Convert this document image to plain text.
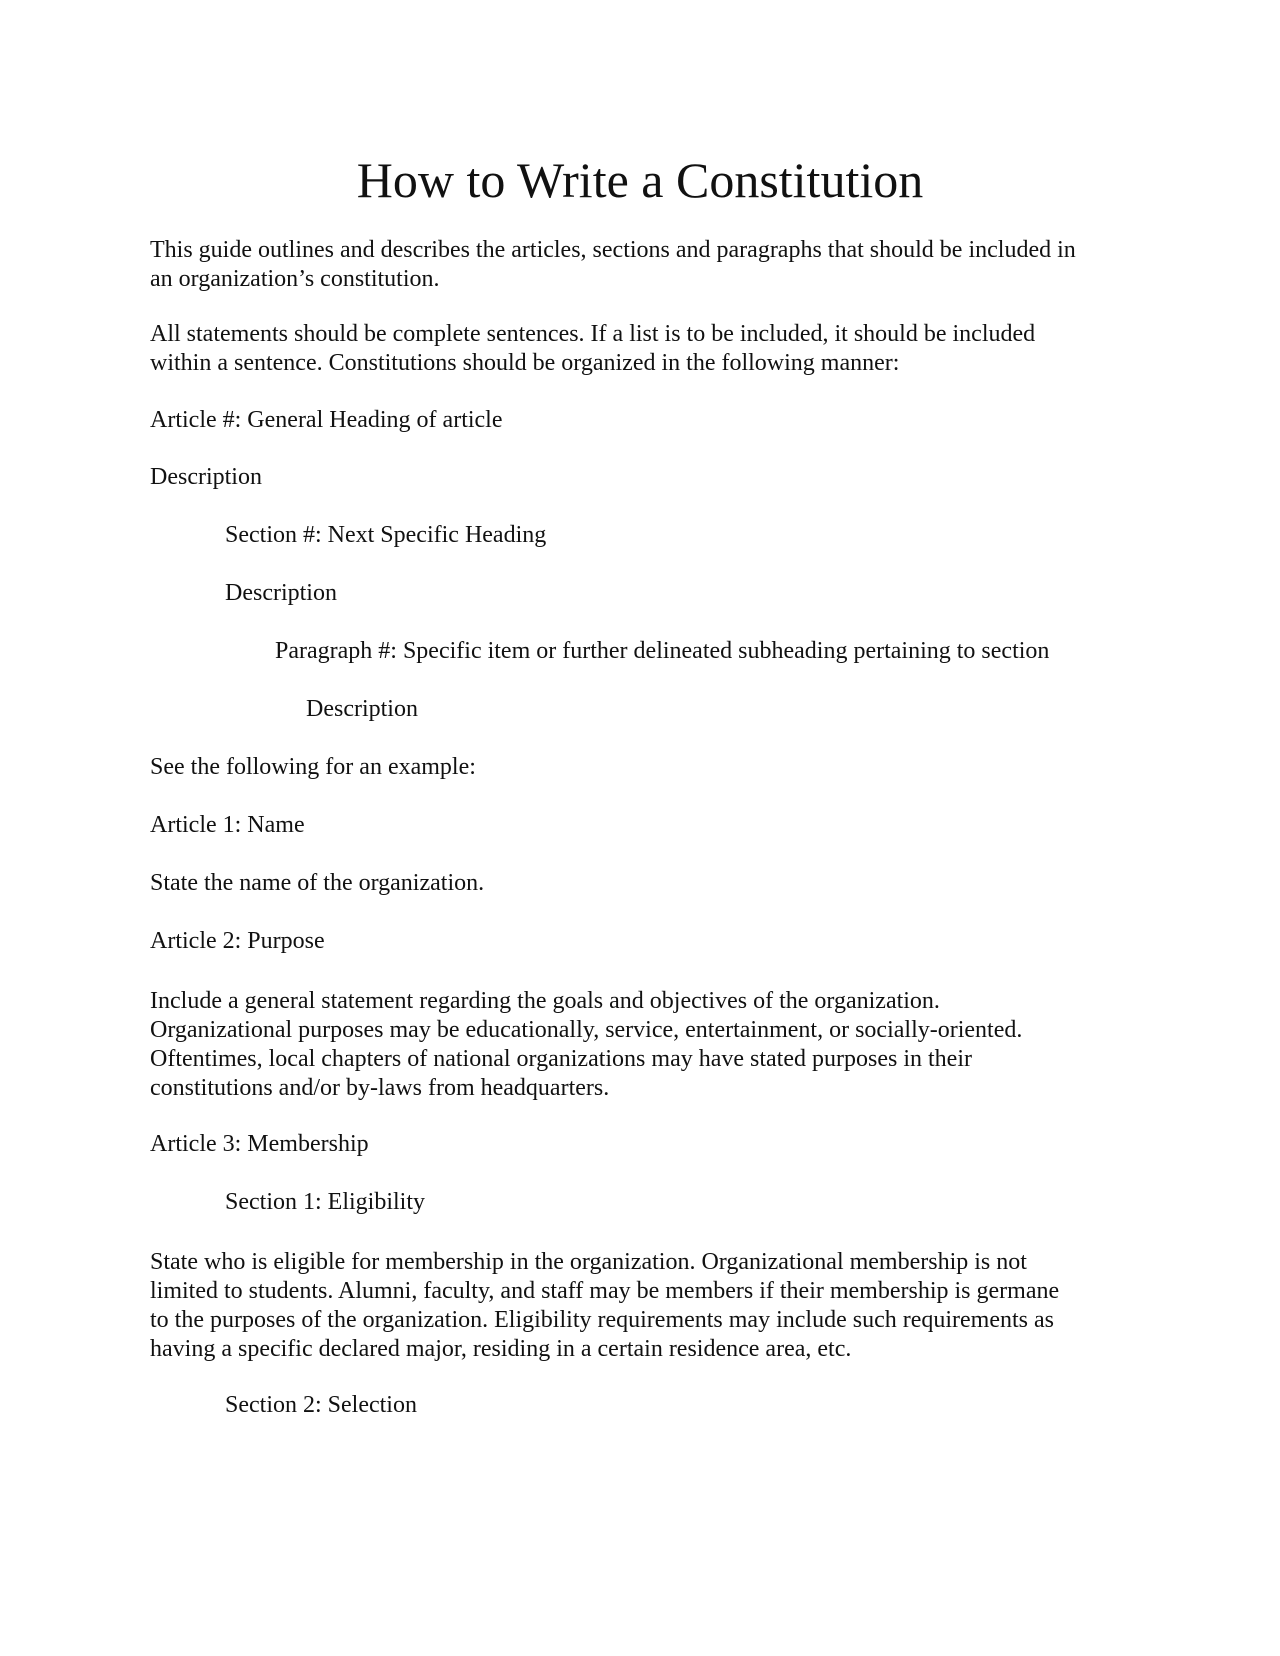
How to Write a Constitution

This guide outlines and describes the articles, sections and paragraphs that should be included in
an organization’s constitution.

All statements should be complete sentences. If a list is to be included, it should be included
within a sentence. Constitutions should be organized in the following manner:

Article #: General Heading of article

Description

Section #: Next Specific Heading

Description

Paragraph #: Specific item or further delineated subheading pertaining to section

Description

See the following for an example:

Article 1: Name

State the name of the organization.

Article 2: Purpose

Include a general statement regarding the goals and objectives of the organization.
Organizational purposes may be educationally, service, entertainment, or socially-oriented.
Oftentimes, local chapters of national organizations may have stated purposes in their
constitutions and/or by-laws from headquarters.

Article 3: Membership

Section 1: Eligibility

State who is eligible for membership in the organization. Organizational membership is not
limited to students. Alumni, faculty, and staff may be members if their membership is germane
to the purposes of the organization. Eligibility requirements may include such requirements as
having a specific declared major, residing in a certain residence area, etc.

Section 2: Selection
